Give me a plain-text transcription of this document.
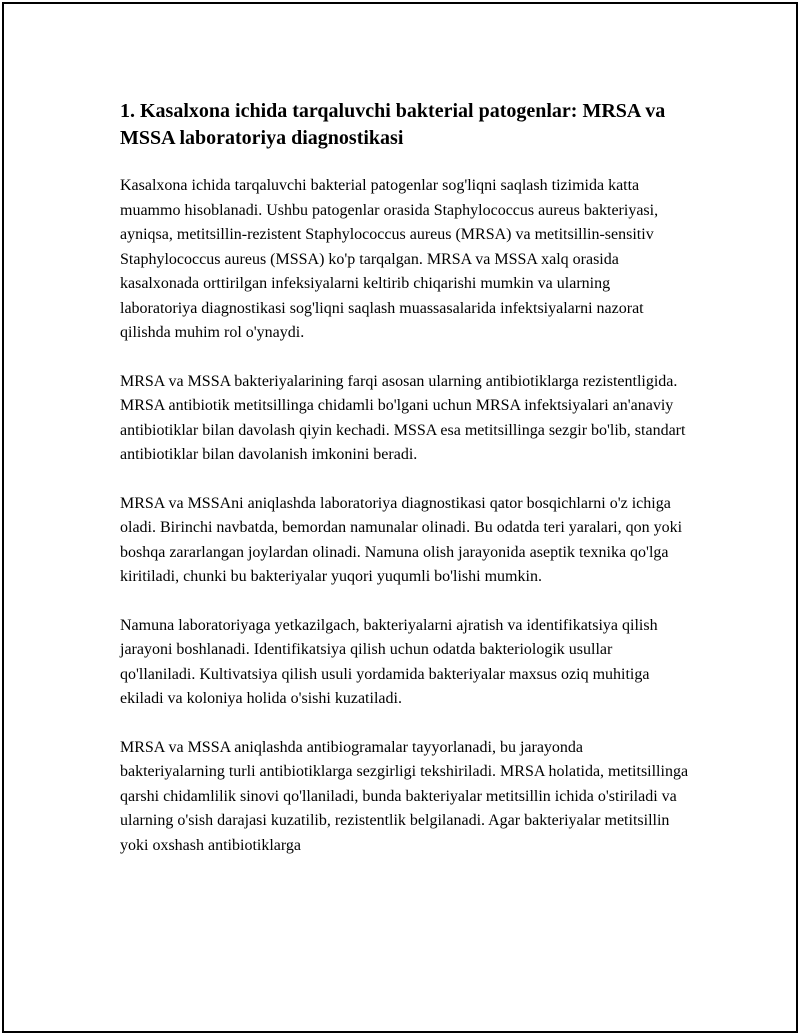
1. Kasalxona ichida tarqaluvchi bakterial patogenlar: MRSA va MSSA laboratoriya diagnostikasi

Kasalxona ichida tarqaluvchi bakterial patogenlar sog'liqni saqlash tizimida katta muammo hisoblanadi. Ushbu patogenlar orasida Staphylococcus aureus bakteriyasi, ayniqsa, metitsillin-rezistent Staphylococcus aureus (MRSA) va metitsillin-sensitiv Staphylococcus aureus (MSSA) ko'p tarqalgan. MRSA va MSSA xalq orasida kasalxonada orttirilgan infeksiyalarni keltirib chiqarishi mumkin va ularning laboratoriya diagnostikasi sog'liqni saqlash muassasalarida infektsiyalarni nazorat qilishda muhim rol o'ynaydi.

MRSA va MSSA bakteriyalarining farqi asosan ularning antibiotiklarga rezistentligida. MRSA antibiotik metitsillinga chidamli bo'lgani uchun MRSA infektsiyalari an'anaviy antibiotiklar bilan davolash qiyin kechadi. MSSA esa metitsillinga sezgir bo'lib, standart antibiotiklar bilan davolanish imkonini beradi.

MRSA va MSSAni aniqlashda laboratoriya diagnostikasi qator bosqichlarni o'z ichiga oladi. Birinchi navbatda, bemordan namunalar olinadi. Bu odatda teri yaralari, qon yoki boshqa zararlangan joylardan olinadi. Namuna olish jarayonida aseptik texnika qo'lga kiritiladi, chunki bu bakteriyalar yuqori yuqumli bo'lishi mumkin.

Namuna laboratoriyaga yetkazilgach, bakteriyalarni ajratish va identifikatsiya qilish jarayoni boshlanadi. Identifikatsiya qilish uchun odatda bakteriologik usullar qo'llaniladi. Kultivatsiya qilish usuli yordamida bakteriyalar maxsus oziq muhitiga ekiladi va koloniya holida o'sishi kuzatiladi.

MRSA va MSSA aniqlashda antibiogramalar tayyorlanadi, bu jarayonda bakteriyalarning turli antibiotiklarga sezgirligi tekshiriladi. MRSA holatida, metitsillinga qarshi chidamlilik sinovi qo'llaniladi, bunda bakteriyalar metitsillin ichida o'stiriladi va ularning o'sish darajasi kuzatilib, rezistentlik belgilanadi. Agar bakteriyalar metitsillin yoki oxshash antibiotiklarga
